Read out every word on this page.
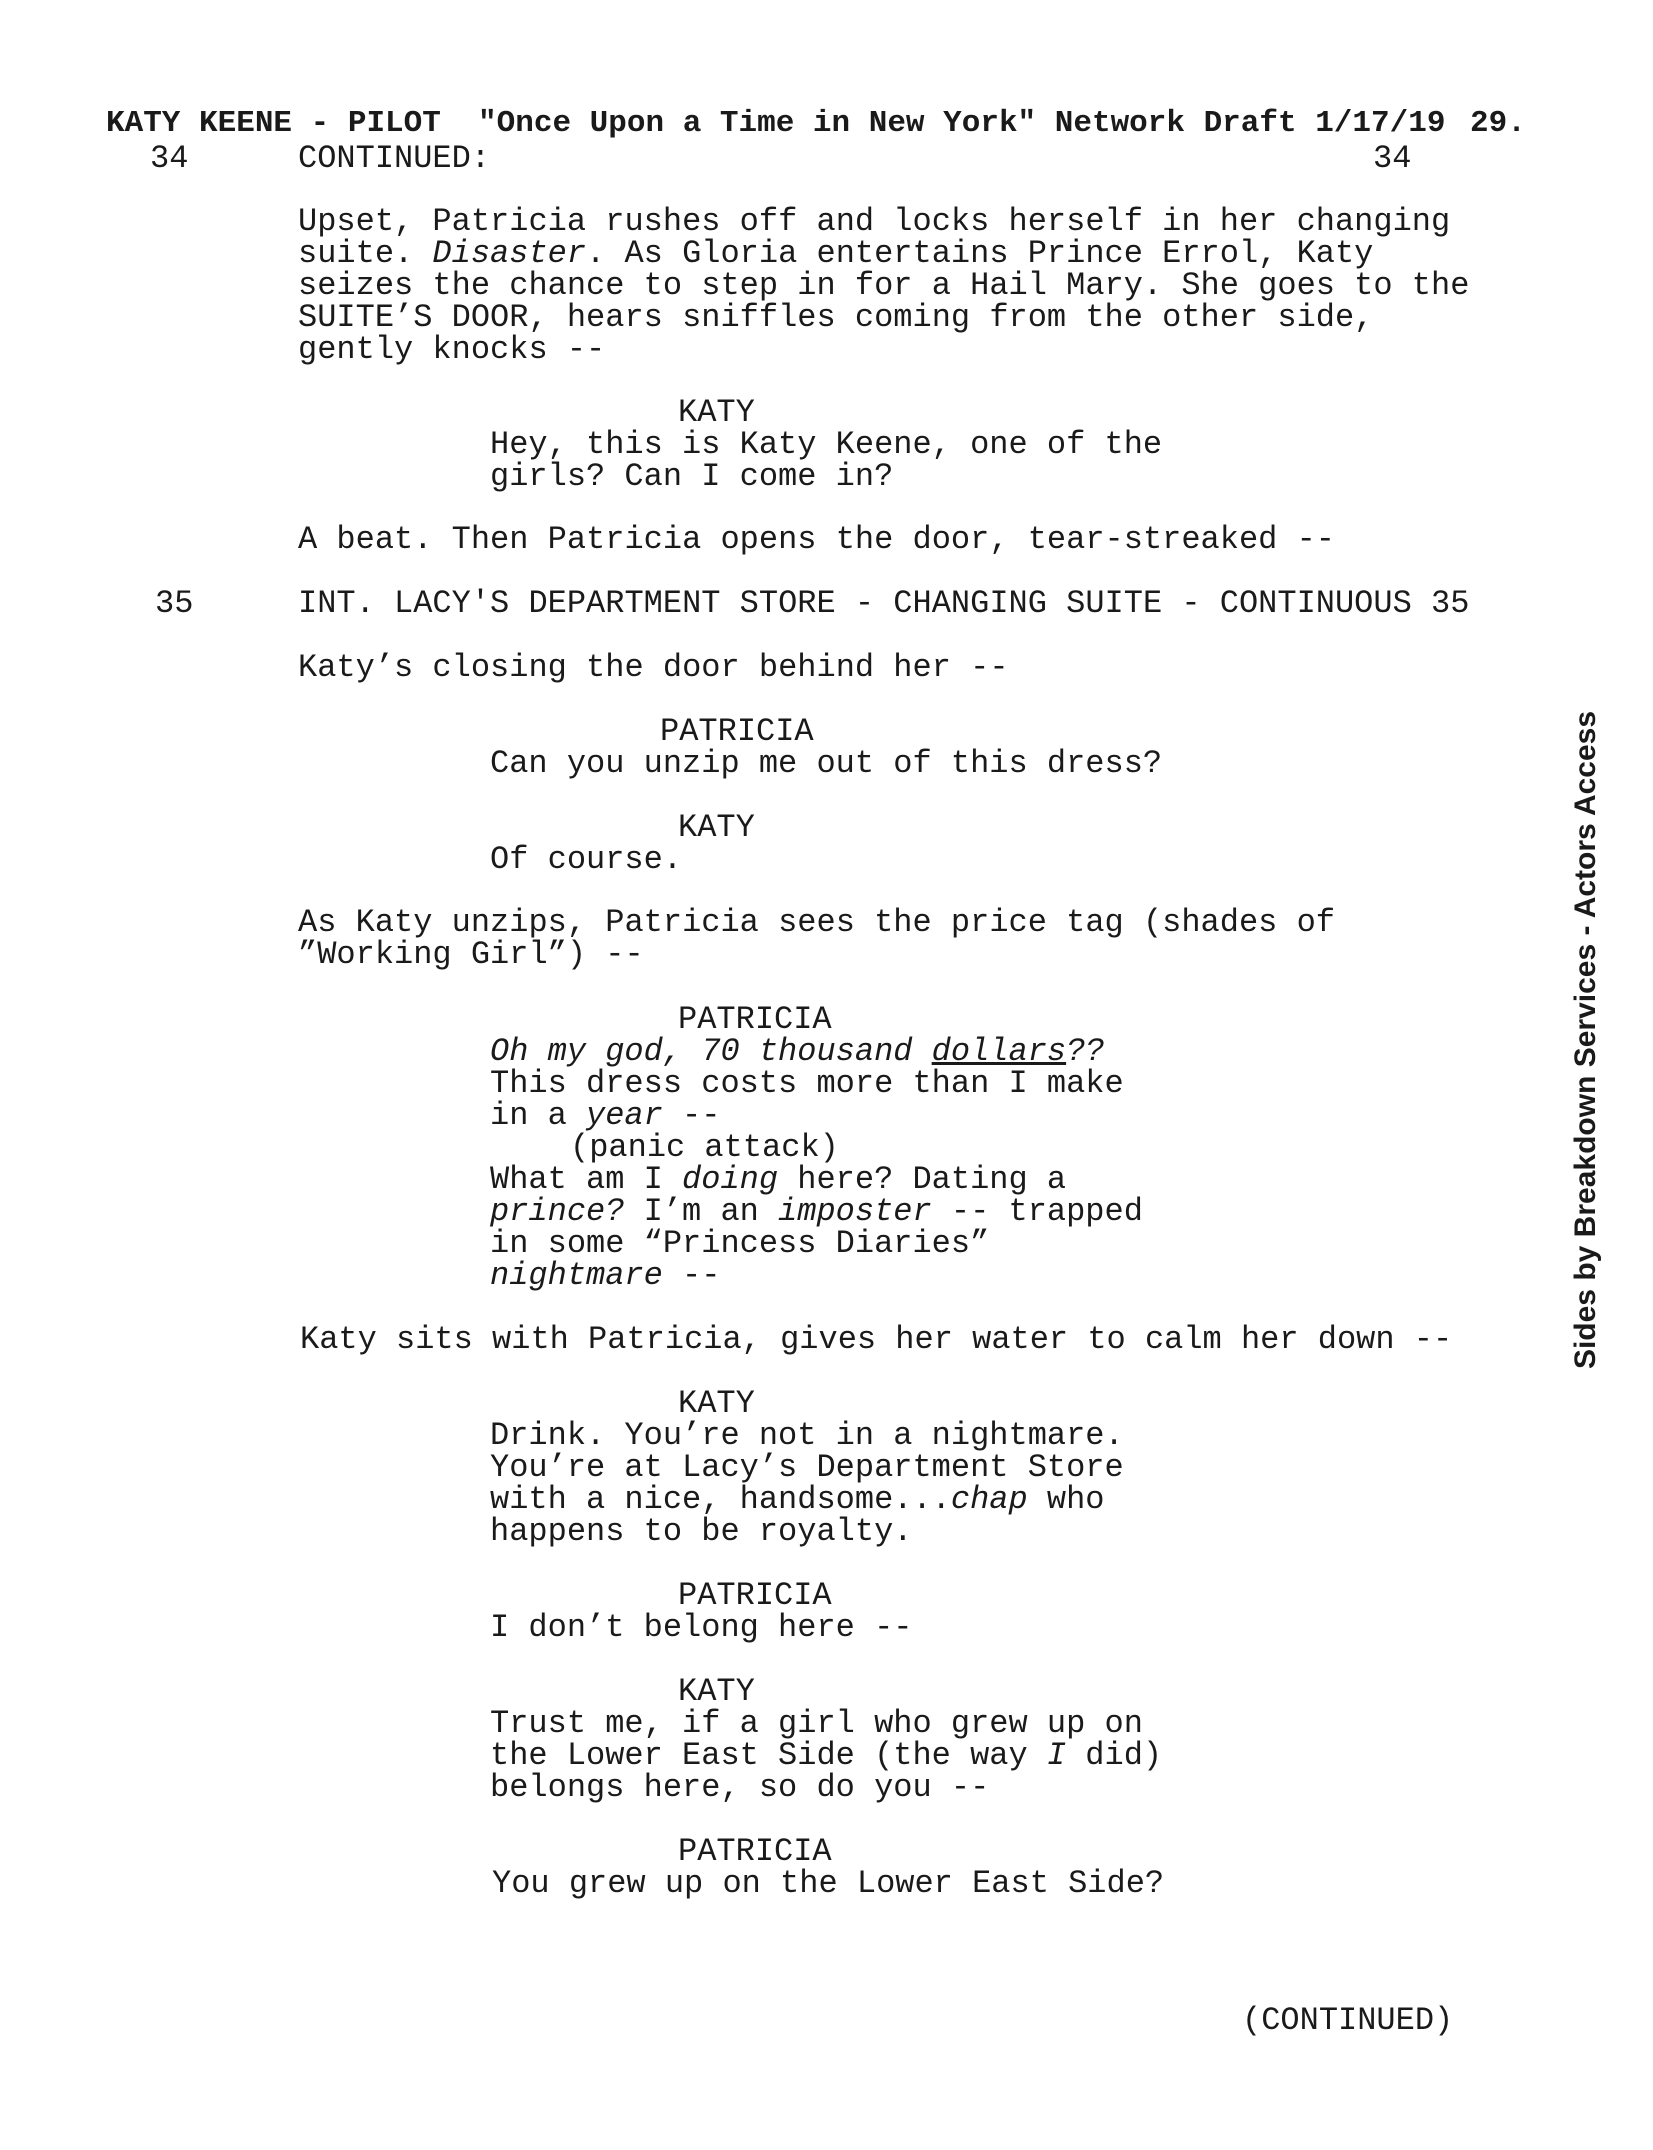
KATY KEENE - PILOT  "Once Upon a Time in New York" Network Draft 1/17/19 29.
34	CONTINUED:	34
Upset, Patricia rushes off and locks herself in her changing
suite. Disaster. As Gloria entertains Prince Errol, Katy
seizes the chance to step in for a Hail Mary. She goes to the
SUITE’S DOOR, hears sniffles coming from the other side,
gently knocks --
KATY
Hey, this is Katy Keene, one of the
girls? Can I come in?
A beat. Then Patricia opens the door, tear-streaked --
35	INT. LACY'S DEPARTMENT STORE - CHANGING SUITE - CONTINUOUS 35
Katy’s closing the door behind her --
PATRICIA
Can you unzip me out of this dress?
KATY
Of course.
As Katy unzips, Patricia sees the price tag (shades of
”Working Girl”) --
PATRICIA
Oh my god, 70 thousand dollars??
This dress costs more than I make
in a year --
(panic attack)
What am I doing here? Dating a
prince? I’m an imposter -- trapped
in some “Princess Diaries”
nightmare --
Katy sits with Patricia, gives her water to calm her down --
KATY
Drink. You’re not in a nightmare.
You’re at Lacy’s Department Store
with a nice, handsome...chap who
happens to be royalty.
PATRICIA
I don’t belong here --
KATY
Trust me, if a girl who grew up on
the Lower East Side (the way I did)
belongs here, so do you --
PATRICIA
You grew up on the Lower East Side?
(CONTINUED)
Sides by Breakdown Services - Actors Access
